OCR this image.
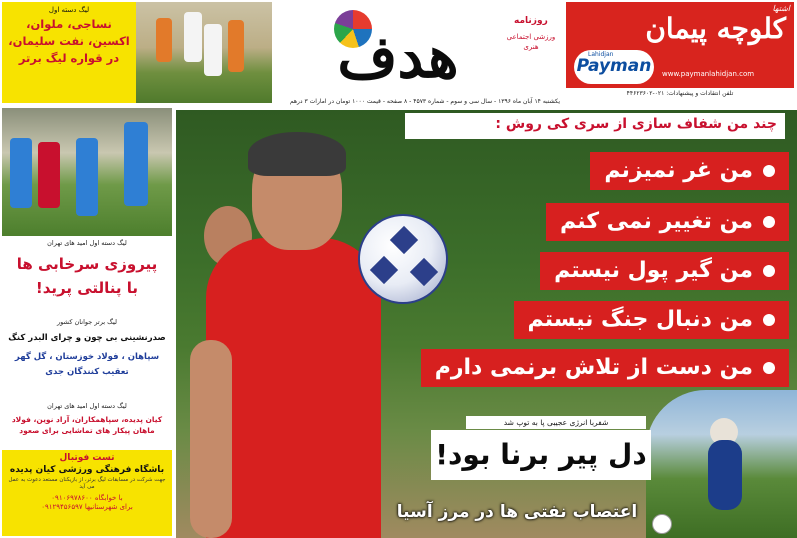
هدف
روزنامه
ورزشی اجتماعی هنری
یکشنبه ۱۴ آبان ماه ۱۳۹۶ - سال سی و سوم - شماره ۴۵۷۳ - ۸ صفحه - قیمت ۱۰۰۰ تومان در امارات ۳ درهم
اشتها
کلوچه پیمان
Lahidjan
Payman	www.paymanlahidjan.com
تلفن انتقادات و پیشنهادات: ۰۲۱-۴۴۶۲۳۶۰۲
لیگ دسته اول
نساجی، ملوان،
اکسین، نفت سلیمان،
در قواره لیگ برتر
لیگ دسته اول امید های تهران
پیروزی سرخابی ها
با پنالتی پرید!
لیگ برتر جوانان کشور
صدرنشینی بی چون و چرای البدر کنگ
سپاهان ، فولاد خوزستان ، گل گهر
تعقیب کنندگان جدی
لیگ دسته اول امید های تهران
کیان پدیده، سپاهمکاران، آراد نوین، فولاد
ماهان پیکار های تماشایی برای صعود
تست فوتبال
باشگاه فرهنگی ورزشی کیان پدیده
جهت شرکت در مسابقات لیگ برتر، از بازیکنان مستعد دعوت به عمل می آید
با خوابگاه ۰۹۱۰۶۹۷۸۶۰۰
برای شهرستانیها ۰۹۱۲۹۴۵۶۵۹۷
چند من شفاف سازی از سری کی روش :
من غر نمیزنم
من تغییر نمی کنم
من گیر پول نیستم
من دنبال جنگ نیستم
من دست از تلاش برنمی دارم
شفربا انرژی عجیبی پا به توپ شد
دل پیر برنا بود!
اعتصاب نفتی ها در مرز آسیا
